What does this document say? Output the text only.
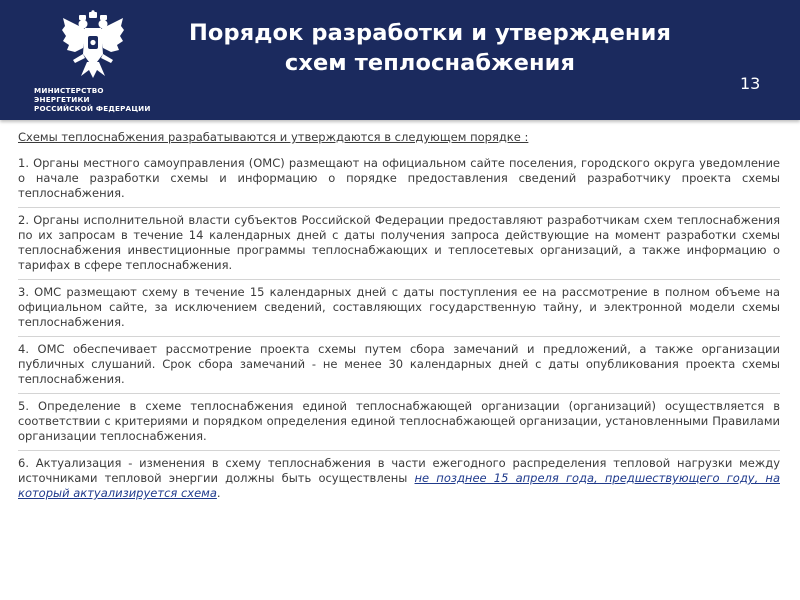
МИНИСТЕРСТВО ЭНЕРГЕТИКИ
РОССИЙСКОЙ ФЕДЕРАЦИИ
Порядок разработки и утверждения
схем теплоснабжения
13

Схемы теплоснабжения разрабатываются и утверждаются в следующем порядке :

1. Органы местного самоуправления (ОМС) размещают на официальном сайте поселения, городского округа уведомление о начале разработки схемы и информацию о порядке предоставления сведений разработчику проекта схемы теплоснабжения.

2. Органы исполнительной власти субъектов Российской Федерации предоставляют разработчикам схем теплоснабжения по их запросам в течение 14 календарных дней с даты получения запроса действующие на момент разработки схемы теплоснабжения инвестиционные программы теплоснабжающих и теплосетевых организаций, а также информацию о тарифах в сфере теплоснабжения.

3. ОМС размещают схему в течение 15 календарных дней с даты поступления ее на рассмотрение в полном объеме на официальном сайте, за исключением сведений, составляющих государственную тайну, и электронной модели схемы теплоснабжения.

4. ОМС обеспечивает рассмотрение проекта схемы путем сбора замечаний и предложений, а также организации публичных слушаний. Срок сбора замечаний - не менее 30 календарных дней с даты опубликования проекта схемы теплоснабжения.

5. Определение в схеме теплоснабжения единой теплоснабжающей организации (организаций) осуществляется в соответствии с критериями и порядком определения единой теплоснабжающей организации, установленными Правилами организации теплоснабжения.

6. Актуализация - изменения в схему теплоснабжения в части ежегодного распределения тепловой нагрузки между источниками тепловой энергии должны быть осуществлены не позднее 15 апреля года, предшествующего году, на который актуализируется схема.
